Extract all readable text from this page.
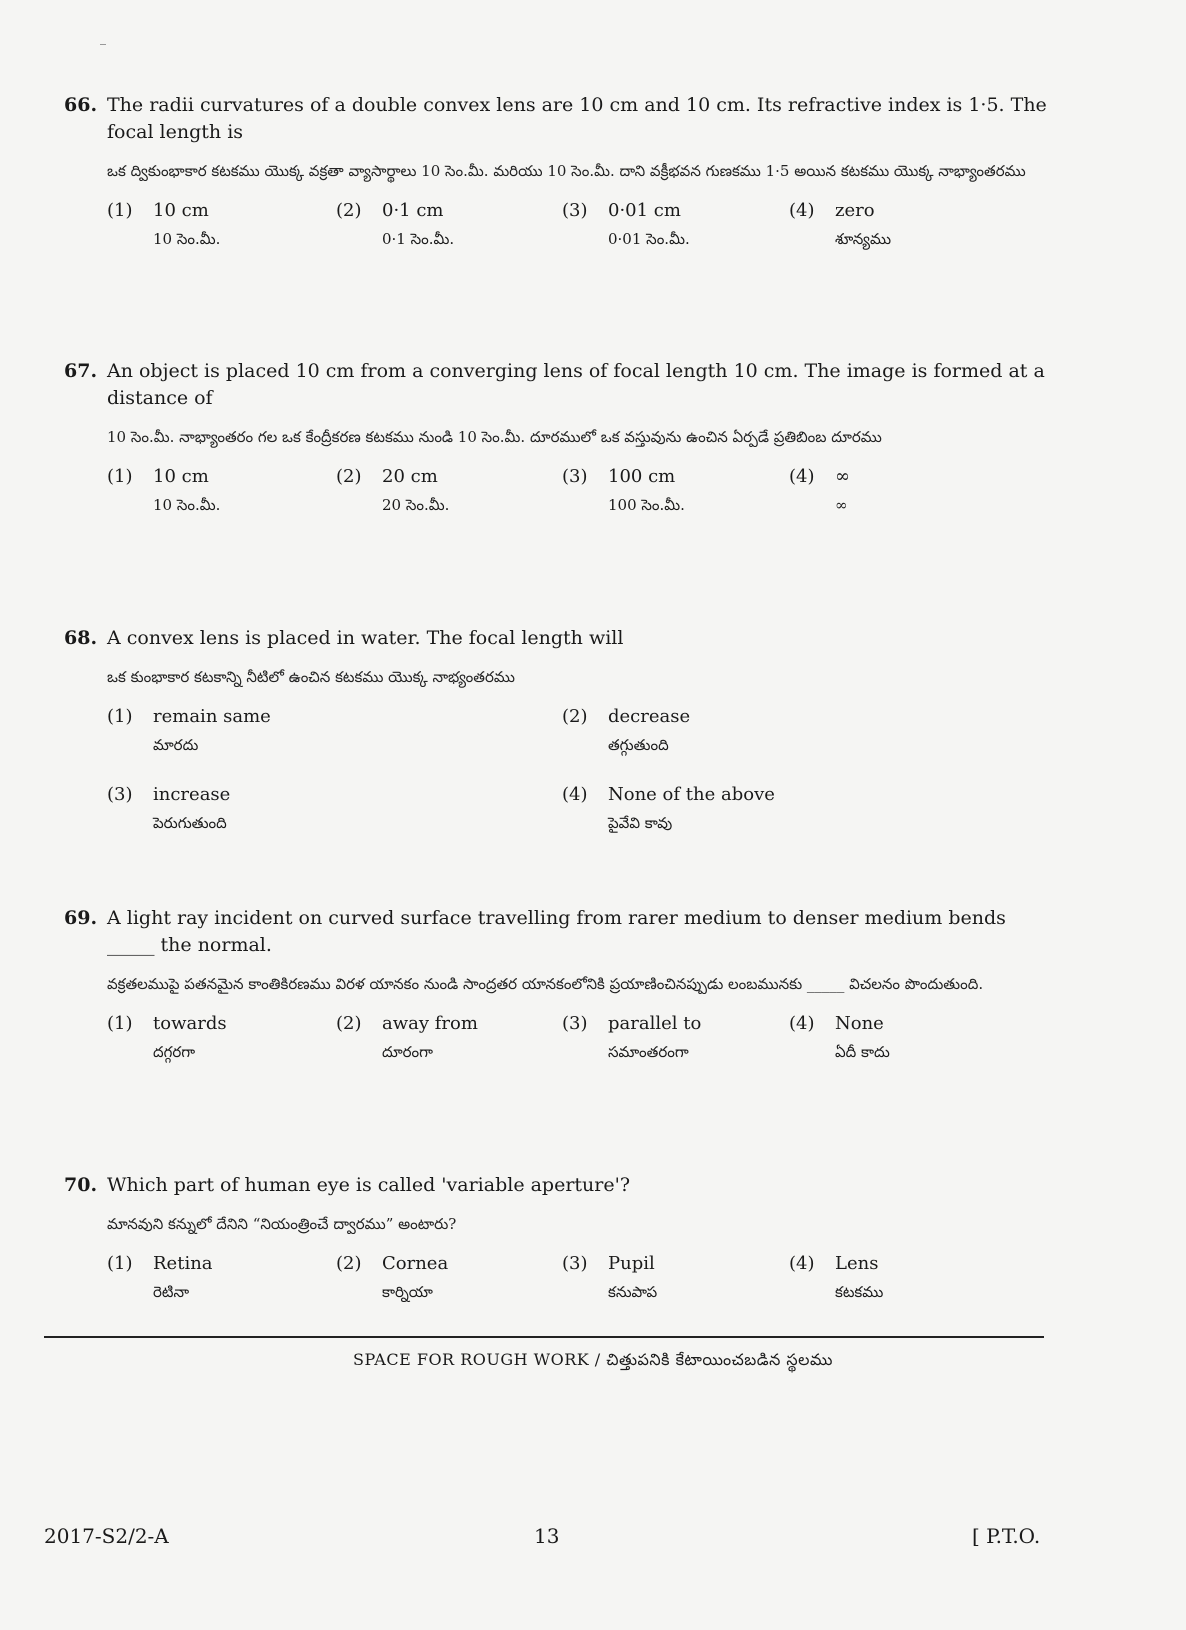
66. The radii curvatures of a double convex lens are 10 cm and 10 cm. Its refractive index is 1·5. The focal length is
ఒక ద్వికుంభాకార కటకము యొక్క వక్రతా వ్యాసార్థాలు 10 సెం.మీ. మరియు 10 సెం.మీ. దాని వక్రీభవన గుణకము 1·5 అయిన కటకము యొక్క నాభ్యాంతరము
(1) 10 cm
10 సెం.మీ.
(2) 0·1 cm
0·1 సెం.మీ.
(3) 0·01 cm
0·01 సెం.మీ.
(4) zero
శూన్యము
67. An object is placed 10 cm from a converging lens of focal length 10 cm. The image is formed at a distance of
10 సెం.మీ. నాభ్యాంతరం గల ఒక కేంద్రీకరణ కటకము నుండి 10 సెం.మీ. దూరములో ఒక వస్తువును ఉంచిన ఏర్పడే ప్రతిబింబ దూరము
(1) 10 cm
10 సెం.మీ.
(2) 20 cm
20 సెం.మీ.
(3) 100 cm
100 సెం.మీ.
(4) ∞
∞
68. A convex lens is placed in water. The focal length will
ఒక కుంభాకార కటకాన్ని నీటిలో ఉంచిన కటకము యొక్క నాభ్యంతరము
(1) remain same
మారదు
(2) decrease
తగ్గుతుంది
(3) increase
పెరుగుతుంది
(4) None of the above
పైవేవి కావు
69. A light ray incident on curved surface travelling from rarer medium to denser medium bends _____ the normal.
వక్రతలముపై పతనమైన కాంతికిరణము విరళ యానకం నుండి సాంద్రతర యానకంలోనికి ప్రయాణించినప్పుడు లంబమునకు _____ విచలనం పొందుతుంది.
(1) towards
దగ్గరగా
(2) away from
దూరంగా
(3) parallel to
సమాంతరంగా
(4) None
ఏదీ కాదు
70. Which part of human eye is called 'variable aperture'?
మానవుని కన్నులో దేనిని “నియంత్రించే ద్వారము” అంటారు?
(1) Retina
రెటినా
(2) Cornea
కార్నియా
(3) Pupil
కనుపాప
(4) Lens
కటకము
SPACE FOR ROUGH WORK / చిత్తుపనికి కేటాయించబడిన స్థలము
2017-S2/2-A	13	[ P.T.O.
